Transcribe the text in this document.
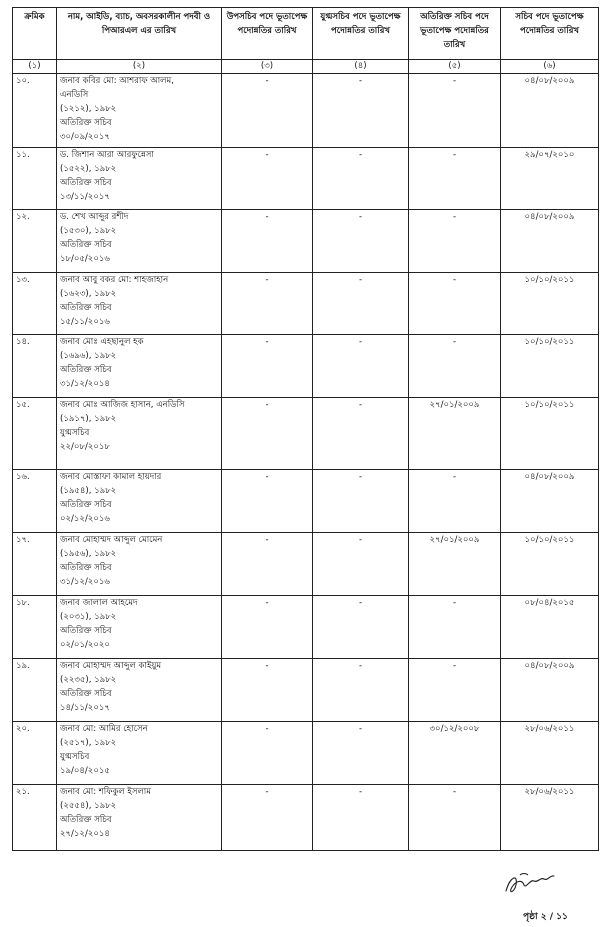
ক্রমিক	নাম, আইডি, ব্যাচ, অবসরকালীন পদবী ও পিআরএল এর তারিখ	উপসচিব পদে ভূতাপেক্ষ পদোন্নতির তারিখ	যুগ্মসচিব পদে ভূতাপেক্ষ পদোন্নতির তারিখ	অতিরিক্ত সচিব পদে ভূতাপেক্ষ পদোন্নতির তারিখ	সচিব পদে ভূতাপেক্ষ পদোন্নতির তারিখ
(১)	(২)	(৩)	(৪)	(৫)	(৬)
১০.	জনাব কবির মো: আশরাফ আলম,
এনডিসি
(১২১২), ১৯৮২
অতিরিক্ত সচিব
৩০/০৯/২০১৭	-	-	-	০৪/০৮/২০০৯
১১.	ড. জিশান আরা আরফুন্নেসা
(১৫২২), ১৯৮২
অতিরিক্ত সচিব
১৩/১১/২০১৭	-	-	-	২৯/০৭/২০১০
১২.	ড. শেখ আব্দুর রশীদ
(১৫৩০), ১৯৮২
অতিরিক্ত সচিব
১৮/০৫/২০১৬	-	-	-	০৪/০৮/২০০৯
১৩.	জনাব আবু বকর মো: শাহজাহান
(১৬২৩), ১৯৮২
অতিরিক্ত সচিব
১৫/১১/২০১৬	-	-	-	১০/১০/২০১১
১৪.	জনাব মোঃ এহছানুল হক
(১৬৯৬), ১৯৮২
অতিরিক্ত সচিব
৩১/১২/২০১৪	-	-	-	১০/১০/২০১১
১৫.	জনাব মোঃ আজিজ হাসান, এনডিসি
(১৯১৭), ১৯৮২
যুগ্মসচিব
২২/০৮/২০১৮	-	-	২৭/০১/২০০৯	১০/১০/২০১১
১৬.	জনাব মোস্তাফা কামাল হায়দার
(১৯৫৪), ১৯৮২
অতিরিক্ত সচিব
০২/১২/২০১৬	-	-	-	০৪/০৮/২০০৯
১৭.	জনাব মোহাম্মদ আব্দুল মোমেন
(১৯৫৬), ১৯৮২
অতিরিক্ত সচিব
৩১/১২/২০১৬	-	-	২৭/০১/২০০৯	১০/১০/২০১১
১৮.	জনাব জালাল আহমেদ
(২০৩১), ১৯৮২
অতিরিক্ত সচিব
০২/০১/২০২০	-	-	-	০৮/০৪/২০১৫
১৯.	জনাব মোহাম্মদ আব্দুল কাইয়ুম
(২২৩৫), ১৯৮২
অতিরিক্ত সচিব
১৪/১১/২০১৭	-	-	-	০৪/০৮/২০০৯
২০.	জনাব মো: আমির হোসেন
(২৫১৭), ১৯৮২
যুগ্মসচিব
১৯/০৪/২০১৫	-	-	৩০/১২/২০০৮	২৮/০৬/২০১১
২১.	জনাব মো: শফিকুল ইসলাম
(২৫৫৪), ১৯৮২
অতিরিক্ত সচিব
২৭/১২/২০১৪	-	-	-	২৮/০৬/২০১১
পৃষ্ঠা ২ / ১১
